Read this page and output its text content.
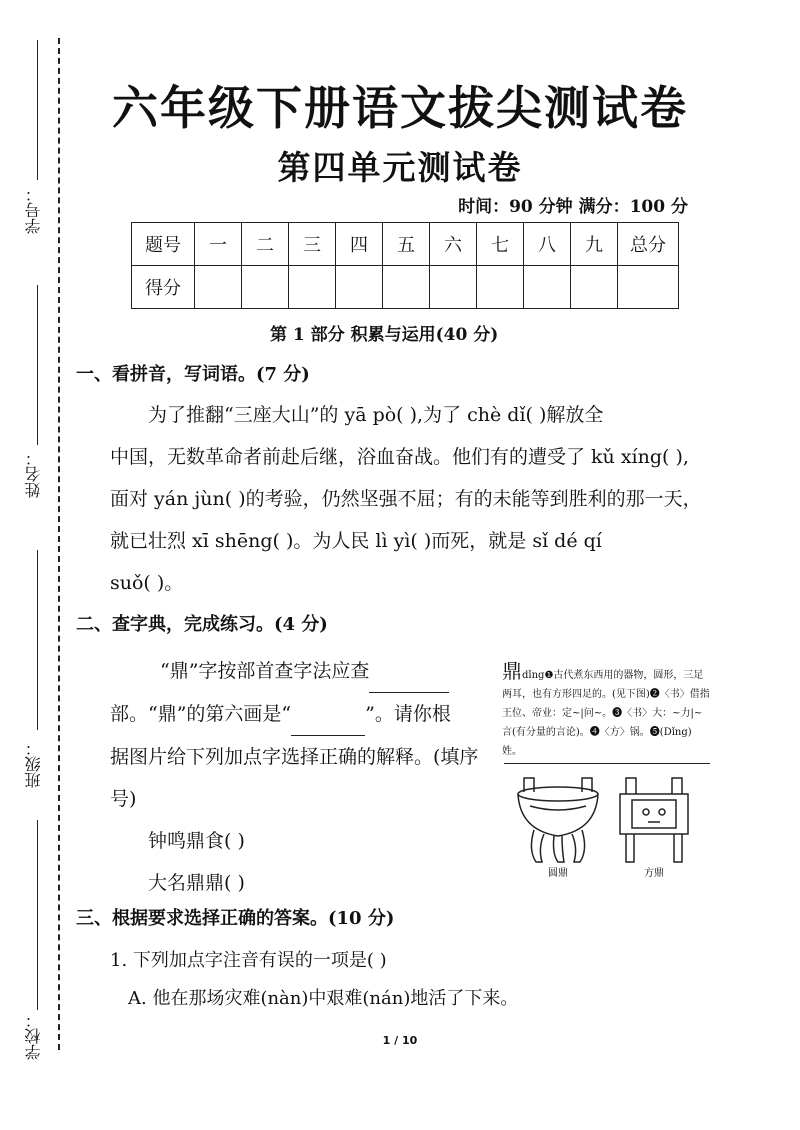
学号：
姓名：
班级：
学校：
六年级下册语文拔尖测试卷
第四单元测试卷
时间：90 分钟 满分：100 分
题号	一	二	三	四	五	六	七	八	九	总分
得分										
第 1 部分 积累与运用(40 分)
一、看拼音，写词语。(7 分)
为了推翻“三座大山”的 yā pò( ),为了 chè dǐ( )解放全
中国，无数革命者前赴后继，浴血奋战。他们有的遭受了 kǔ xíng( ),
面对 yán jùn( )的考验，仍然坚强不屈；有的未能等到胜利的那一天，
就已壮烈 xī shēng( )。为人民 lì yì( )而死，就是 sǐ dé qí
suǒ( )。
二、查字典，完成练习。(4 分)
“鼎”字按部首查字法应查
部。“鼎”的第六画是“	”。请你根
据图片给下列加点字选择正确的解释。(填序
号)
钟鸣鼎食( )
大名鼎鼎( )
鼎dǐng❶古代煮东西用的器物，圆形，三足两耳，也有方形四足的。(见下图)❷〈书〉借指王位、帝业：定~|问~。❸〈书〉大：~力|~言(有分量的言论)。❹〈方〉锅。❺(Dǐng)姓。
圆鼎	方鼎
三、根据要求选择正确的答案。(10 分)
1. 下列加点字注音有误的一项是( )
A. 他在那场灾难(nàn)中艰难(nán)地活了下来。
1 / 10
